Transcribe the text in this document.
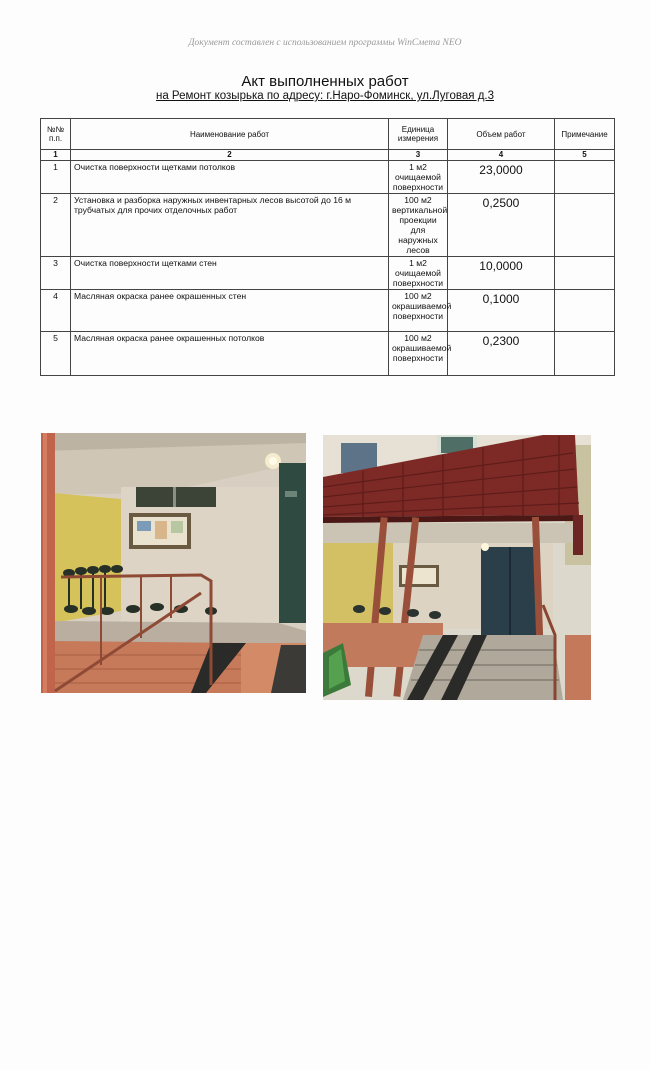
Документ составлен с использованием программы WinСмета NEO
Акт выполненных работ
на Ремонт козырька по адресу: г.Наро-Фоминск, ул.Луговая д.3
№№ п.п.	Наименование работ	Единица измерения	Объем работ	Примечание
1	2	3	4	5
1	Очистка поверхности щетками потолков	1 м2 очищаемой поверхности	23,0000	
2	Установка и разборка наружных инвентарных лесов высотой до 16 м трубчатых для прочих отделочных работ	100 м2 вертикальной проекции для наружных лесов	0,2500	
3	Очистка поверхности щетками стен	1 м2 очищаемой поверхности	10,0000	
4	Масляная окраска ранее окрашенных стен	100 м2 окрашиваемой поверхности	0,1000	
5	Масляная окраска ранее окрашенных потолков	100 м2 окрашиваемой поверхности	0,2300	
